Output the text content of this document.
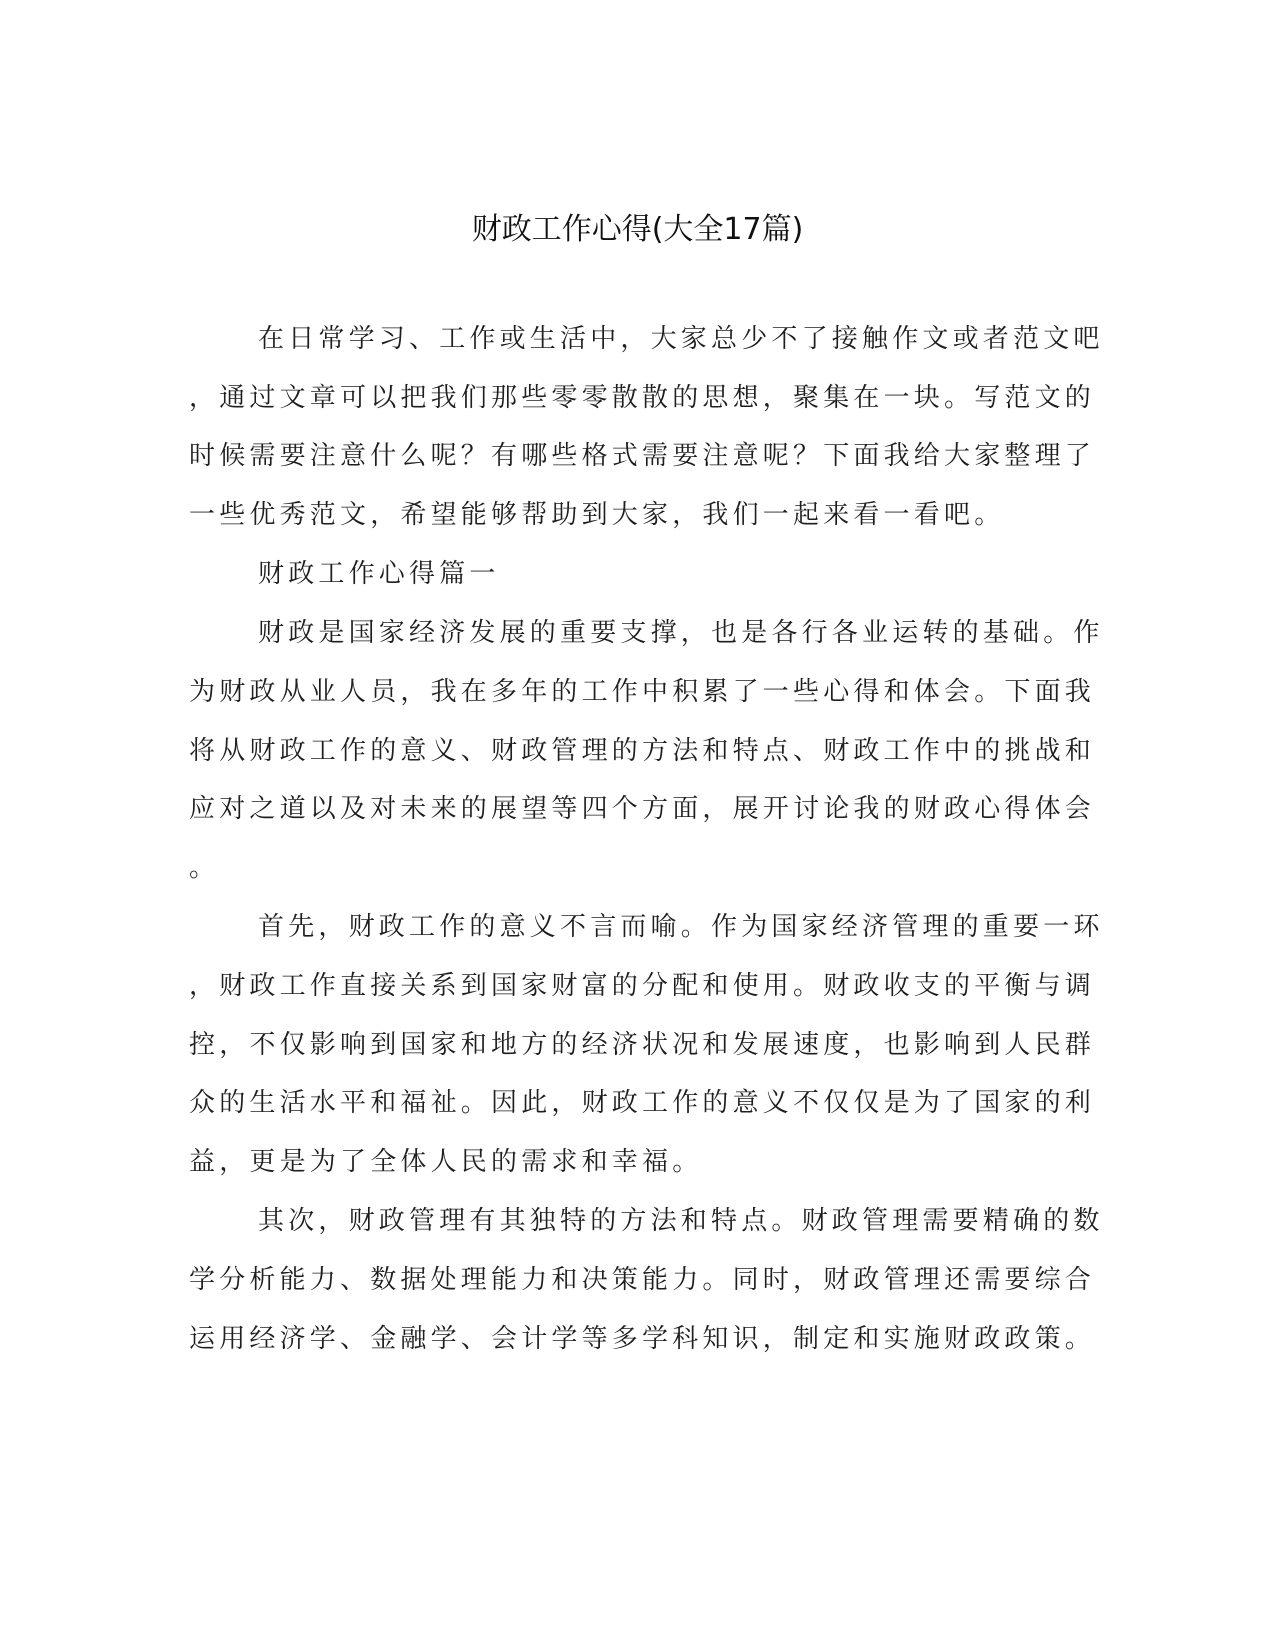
财政工作心得(大全17篇)
在日常学习、工作或生活中，大家总少不了接触作文或者范文吧
，通过文章可以把我们那些零零散散的思想，聚集在一块。写范文的
时候需要注意什么呢？有哪些格式需要注意呢？下面我给大家整理了
一些优秀范文，希望能够帮助到大家，我们一起来看一看吧。
财政工作心得篇一
财政是国家经济发展的重要支撑，也是各行各业运转的基础。作
为财政从业人员，我在多年的工作中积累了一些心得和体会。下面我
将从财政工作的意义、财政管理的方法和特点、财政工作中的挑战和
应对之道以及对未来的展望等四个方面，展开讨论我的财政心得体会
。
首先，财政工作的意义不言而喻。作为国家经济管理的重要一环
，财政工作直接关系到国家财富的分配和使用。财政收支的平衡与调
控，不仅影响到国家和地方的经济状况和发展速度，也影响到人民群
众的生活水平和福祉。因此，财政工作的意义不仅仅是为了国家的利
益，更是为了全体人民的需求和幸福。
其次，财政管理有其独特的方法和特点。财政管理需要精确的数
学分析能力、数据处理能力和决策能力。同时，财政管理还需要综合
运用经济学、金融学、会计学等多学科知识，制定和实施财政政策。
